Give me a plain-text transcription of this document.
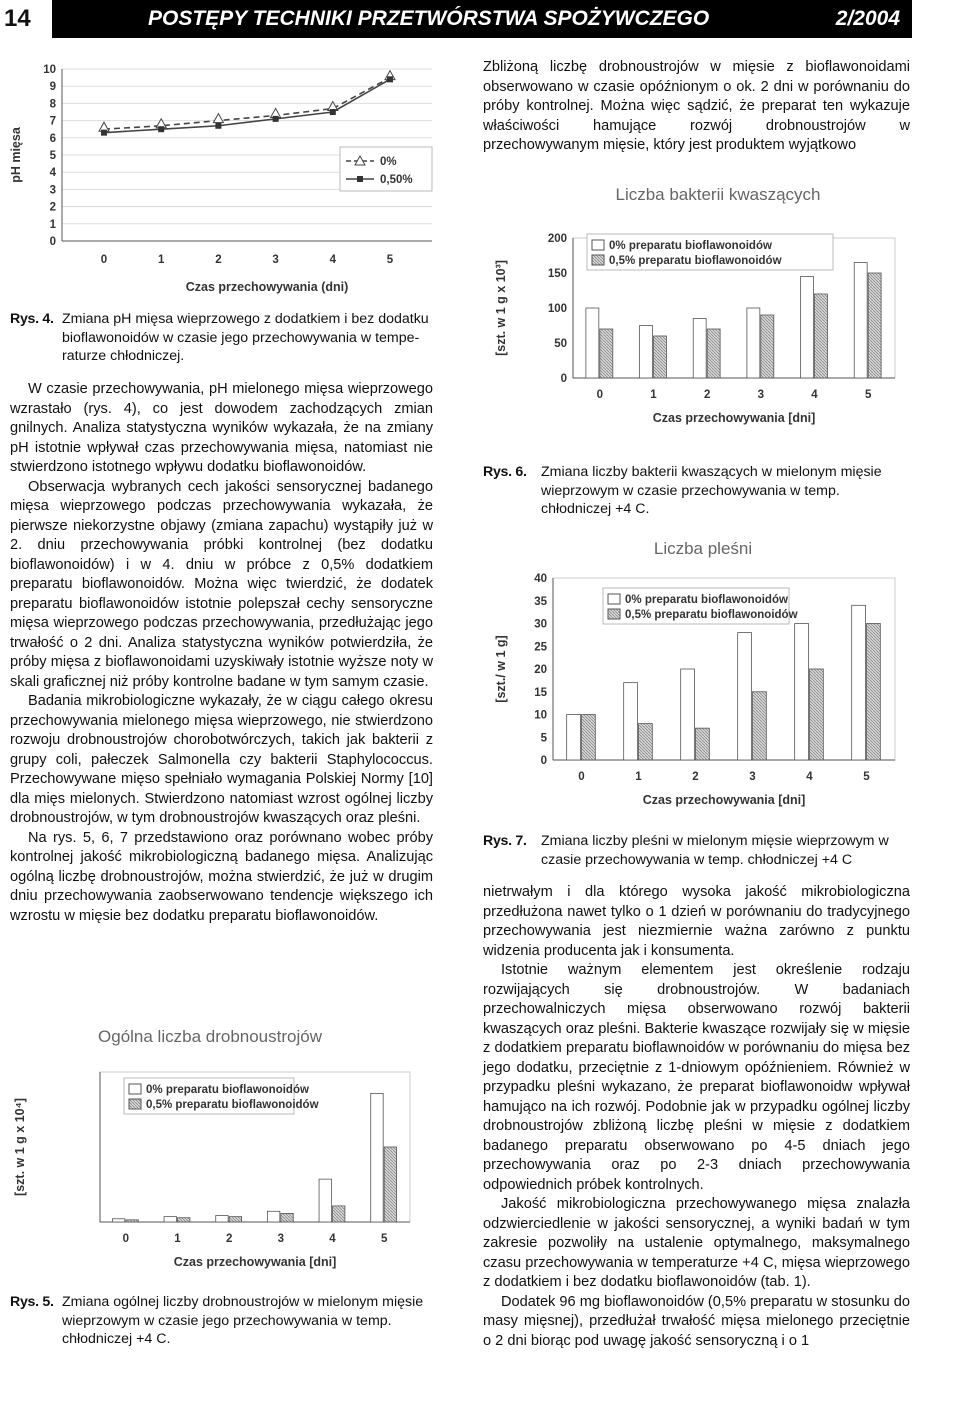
14	POSTĘPY TECHNIKI PRZETWÓRSTWA SPOŻYWCZEGO	2/2004
0
1
2
3
4
5
6
7
8
9
10
0	1	2	3	4	5
Czas przechowywania (dni)
pH mięsa	0%
0,50%
Rys. 4. Zmiana pH mięsa wieprzowego z dodatkiem i bez dodatku bioflawonoidów w czasie jego przechowywania w tempe-raturze chłodniczej.

W czasie przechowywania, pH mielonego mięsa wieprzowego wzrastało (rys. 4), co jest dowodem zachodzących zmian gnilnych. Analiza statystyczna wyników wykazała, że na zmiany pH istotnie wpływał czas przechowywania mięsa, natomiast nie stwierdzono istotnego wpływu dodatku bioflawonoidów.

Obserwacja wybranych cech jakości sensorycznej badanego mięsa wieprzowego podczas przechowywania wykazała, że pierwsze niekorzystne objawy (zmiana zapachu) wystąpiły już w 2. dniu przechowywania próbki kontrolnej (bez dodatku bioflawonoidów) i w 4. dniu w próbce z 0,5% dodatkiem preparatu bioflawonoidów. Można więc twierdzić, że dodatek preparatu bioflawonoidów istotnie polepszał cechy sensoryczne mięsa wieprzowego podczas przechowywania, przedłużając jego trwałość o 2 dni. Analiza statystyczna wyników potwierdziła, że próby mięsa z bioflawonoidami uzyskiwały istotnie wyższe noty w skali graficznej niż próby kontrolne badane w tym samym czasie.

Badania mikrobiologiczne wykazały, że w ciągu całego okresu przechowywania mielonego mięsa wieprzowego, nie stwierdzono rozwoju drobnoustrojów chorobotwórczych, takich jak bakterii z grupy coli, pałeczek Salmonella czy bakterii Staphylococcus. Przechowywane mięso spełniało wymagania Polskiej Normy [10] dla mięs mielonych. Stwierdzono natomiast wzrost ogólnej liczby drobnoustrojów, w tym drobnoustrojów kwaszących oraz pleśni.

Na rys. 5, 6, 7 przedstawiono oraz porównano wobec próby kontrolnej jakość mikrobiologiczną badanego mięsa. Analizując ogólną liczbę drobnoustrojów, można stwierdzić, że już w drugim dniu przechowywania zaobserwowano tendencje większego ich wzrostu w mięsie bez dodatku preparatu bioflawonoidów.

Ogólna liczba drobnoustrojów
0	1	2	3	4	5
Czas przechowywania [dni]
[szt. w 1 g x 10⁴]
0% preparatu bioflawonoidów
0,5% preparatu bioflawonoidów
Rys. 5. Zmiana ogólnej liczby drobnoustrojów w mielonym mięsie wieprzowym w czasie jego przechowywania w temp. chłodniczej +4 C.

Zbliżoną liczbę drobnoustrojów w mięsie z bioflawonoidami obserwowano w czasie opóźnionym o ok. 2 dni w porównaniu do próby kontrolnej. Można więc sądzić, że preparat ten wykazuje właściwości hamujące rozwój drobnoustrojów w przechowywanym mięsie, który jest produktem wyjątkowo

Liczba bakterii kwaszących
0
50
100
150
200
0	1	2	3	4	5
Czas przechowywania [dni]
[szt. w 1 g x 10³]
0% preparatu bioflawonoidów
0,5% preparatu bioflawonoidów
Rys. 6. Zmiana liczby bakterii kwaszących w mielonym mięsie wieprzowym w czasie przechowywania w temp. chłodniczej +4 C.
Liczba pleśni
0
5
10
15
20
25
30
35
40
0	1	2	3	4	5
Czas przechowywania [dni]
[szt./ w 1 g]
0% preparatu bioflawonoidów
0,5% preparatu bioflawonoidów
Rys. 7. Zmiana liczby pleśni w mielonym mięsie wieprzowym w czasie przechowywania w temp. chłodniczej +4 C

nietrwałym i dla którego wysoka jakość mikrobiologiczna przedłużona nawet tylko o 1 dzień w porównaniu do tradycyjnego przechowywania jest niezmiernie ważna zarówno z punktu widzenia producenta jak i konsumenta.

Istotnie ważnym elementem jest określenie rodzaju rozwijających się drobnoustrojów. W badaniach przechowalniczych mięsa obserwowano rozwój bakterii kwaszących oraz pleśni. Bakterie kwaszące rozwijały się w mięsie z dodatkiem preparatu bioflawnoidów w porównaniu do mięsa bez jego dodatku, przeciętnie z 1-dniowym opóźnieniem. Również w przypadku pleśni wykazano, że preparat bioflawonoidw wpływał hamująco na ich rozwój. Podobnie jak w przypadku ogólnej liczby drobnoustrojów zbliżoną liczbę pleśni w mięsie z dodatkiem badanego preparatu obserwowano po 4-5 dniach jego przechowywania oraz po 2-3 dniach przechowywania odpowiednich próbek kontrolnych.

Jakość mikrobiologiczna przechowywanego mięsa znalazła odzwierciedlenie w jakości sensorycznej, a wyniki badań w tym zakresie pozwoliły na ustalenie optymalnego, maksymalnego czasu przechowywania w temperaturze +4 C, mięsa wieprzowego z dodatkiem i bez dodatku bioflawonoidów (tab. 1).

Dodatek 96 mg bioflawonoidów (0,5% preparatu w stosunku do masy mięsnej), przedłużał trwałość mięsa mielonego przeciętnie o 2 dni biorąc pod uwagę jakość sensoryczną i o 1
